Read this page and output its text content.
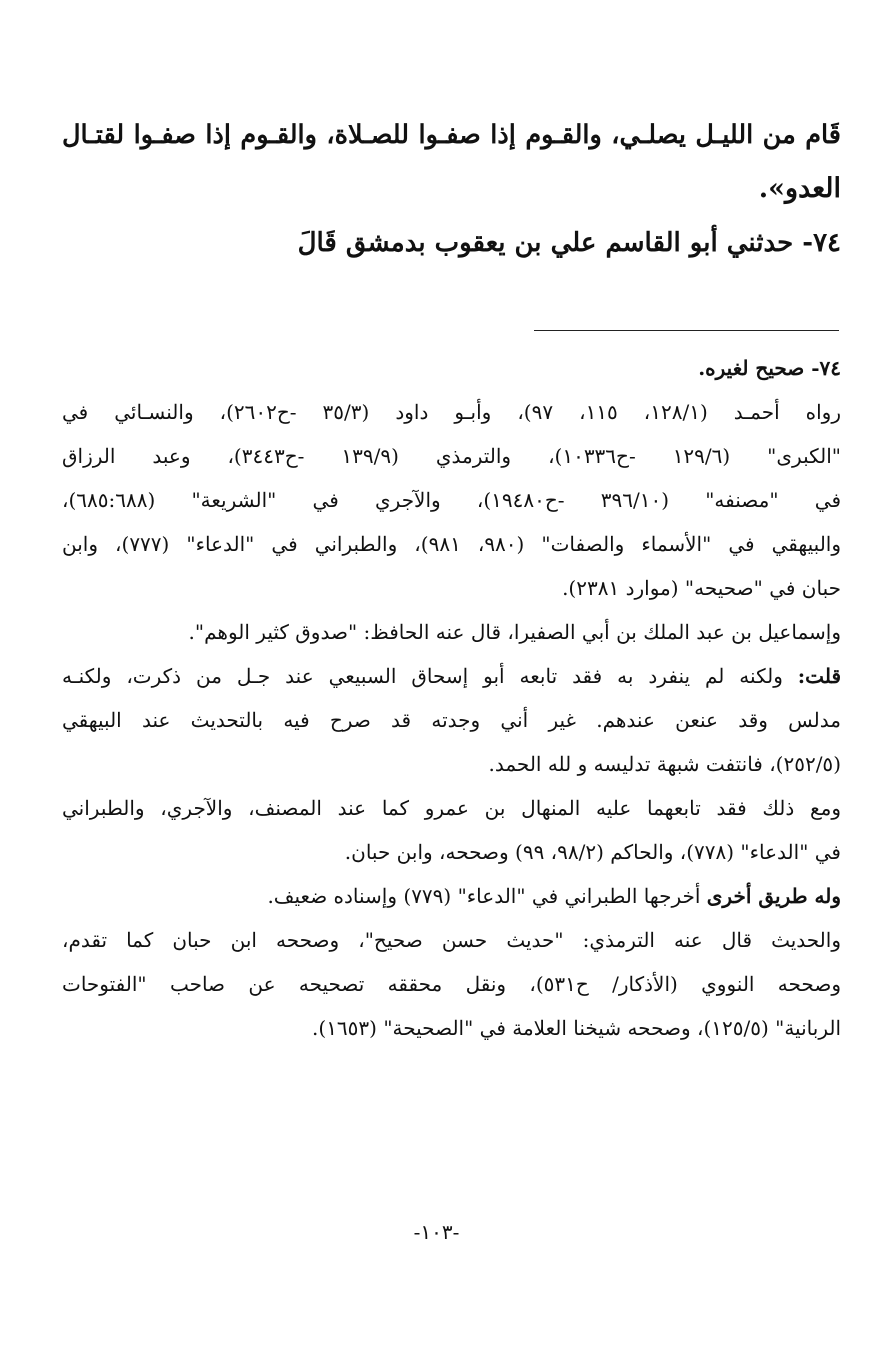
قَام من الليـل يصلـي، والقـوم إذا صفـوا للصـلاة، والقـوم إذا صفـوا لقتـال
العدو».
٧٤- حدثني أبو القاسم علي بن يعقوب بدمشق قَالَ
٧٤- صحيح لغيره.
رواه أحمـد (١٢٨/١، ١١٥، ٩٧)، وأبـو داود (٣٥/٣ -ح٢٦٠٢)، والنسـائي في
"الكبرى" (١٢٩/٦ -ح١٠٣٣٦)، والترمذي (١٣٩/٩ -ح٣٤٤٣)، وعبد الرزاق
في "مصنفه" (٣٩٦/١٠ -ح١٩٤٨٠)، والآجري في "الشريعة" (٦٨٥:٦٨٨)،
والبيهقي في "الأسماء والصفات" (٩٨٠، ٩٨١)، والطبراني في "الدعاء" (٧٧٧)، وابن
حبان في "صحيحه" (موارد ٢٣٨١).
وإسماعيل بن عبد الملك بن أبي الصفيرا، قال عنه الحافظ: "صدوق كثير الوهم".
قلت: ولكنه لم ينفرد به فقد تابعه أبو إسحاق السبيعي عند جـل من ذكرت، ولكنـه
مدلس وقد عنعن عندهم. غير أني وجدته قد صرح فيه بالتحديث عند البيهقي
(٢٥٢/٥)، فانتفت شبهة تدليسه و لله الحمد.
ومع ذلك فقد تابعهما عليه المنهال بن عمرو كما عند المصنف، والآجري، والطبراني
في "الدعاء" (٧٧٨)، والحاكم (٩٨/٢، ٩٩) وصححه، وابن حبان.
وله طريق أخرى أخرجها الطبراني في "الدعاء" (٧٧٩) وإسناده ضعيف.
والحديث قال عنه الترمذي: "حديث حسن صحيح"، وصححه ابن حبان كما تقدم،
وصححه النووي (الأذكار/ ح٥٣١)، ونقل محققه تصحيحه عن صاحب "الفتوحات
الربانية" (١٢٥/٥)، وصححه شيخنا العلامة في "الصحيحة" (١٦٥٣).
-١٠٣-
